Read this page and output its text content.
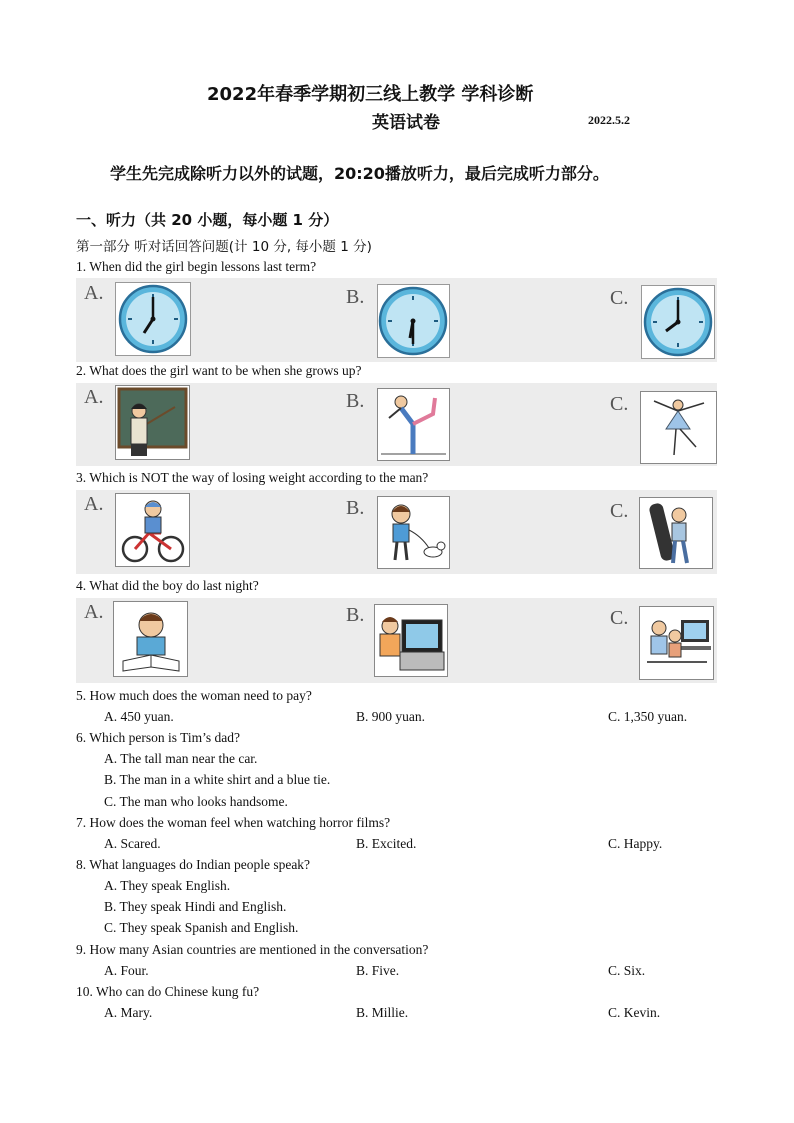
2022年春季学期初三线上教学 学科诊断
英语试卷	2022.5.2
学生先完成除听力以外的试题，20:20播放听力，最后完成听力部分。
一、听力（共 20 小题，每小题 1 分）
第一部分 听对话回答问题(计 10 分, 每小题 1 分)
1. When did the girl begin lessons last term?
A.	B.	C.
2. What does the girl want to be when she grows up?
A.	B.	C.
3. Which is NOT the way of losing weight according to the man?
A.	B.	C.
4. What did the boy do last night?
A.	B.	C.
5. How much does the woman need to pay?
A. 450 yuan.	B. 900 yuan.	C. 1,350 yuan.
6. Which person is Tim’s dad?
A. The tall man near the car.
B. The man in a white shirt and a blue tie.
C. The man who looks handsome.
7. How does the woman feel when watching horror films?
A. Scared.	B. Excited.	C. Happy.
8. What languages do Indian people speak?
A. They speak English.
B. They speak Hindi and English.
C. They speak Spanish and English.
9. How many Asian countries are mentioned in the conversation?
A. Four.	B. Five.	C. Six.
10. Who can do Chinese kung fu?
A. Mary.	B. Millie.	C. Kevin.
